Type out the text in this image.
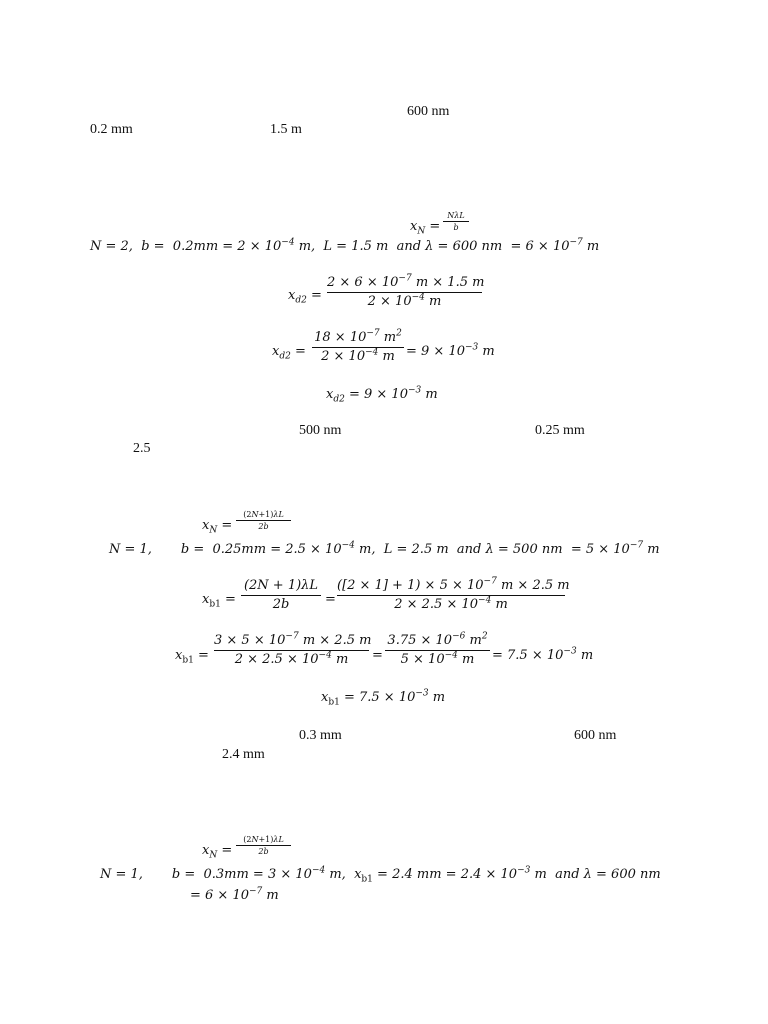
600 nm
0.2 mm	1.5 m
$x_N$ =
NλL
b
N = 2,  $b = 0.2mm = 2 \times 10^{-4}$ m,  L = 1.5 m  and λ = 600 nm  = $6 \times 10^{-7}$ m
$x_{d2}$ =
$2 \times 6 \times 10^{-7}$ m × 1.5 m
$2 \times 10^{-4}$ m
$x_{d2}$ =
$18 \times 10^{-7}$ $m^2$
$2 \times 10^{-4}$ $m = 9 \times 10^{-3}$ m
$x_{d2} = 9 \times 10^{-3}$ m
500 nm	0.25 mm
2.5
$x_N$ =
(2N+1)λL
2b
N = 1,       $b = 0.25mm = 2.5 \times 10^{-4}$ m,  L = 2.5 m  and λ = 500 nm  = $5 \times 10^{-7}$ m
$x_{b1}$ =
(2N + 1)λL
2b	=
$([2 \times 1] + 1) \times 5 \times 10^{-7}$ m × 2.5 m
$2 \times 2.5 \times 10^{-4}$ m
$x_{b1}$ =
$3 \times 5 \times 10^{-7}$ m × 2.5 m
$2 \times 2.5 \times 10^{-4}$ m	=
$3.75 \times 10^{-6}$ $m^2$
$5 \times 10^{-4}$ m	= $7.5 \times 10^{-3}$ m
$x_{b1} = 7.5 \times 10^{-3}$ m
0.3 mm	600 nm
2.4 mm
$x_N$ =
(2N+1)λL
2b
N = 1,       $b = 0.3mm = 3 \times 10^{-4}$ m,  $x_{b1} = 2.4$ mm = $2.4 \times 10^{-3}$ m  and λ = 600 nm
= $6 \times 10^{-7}$ m
